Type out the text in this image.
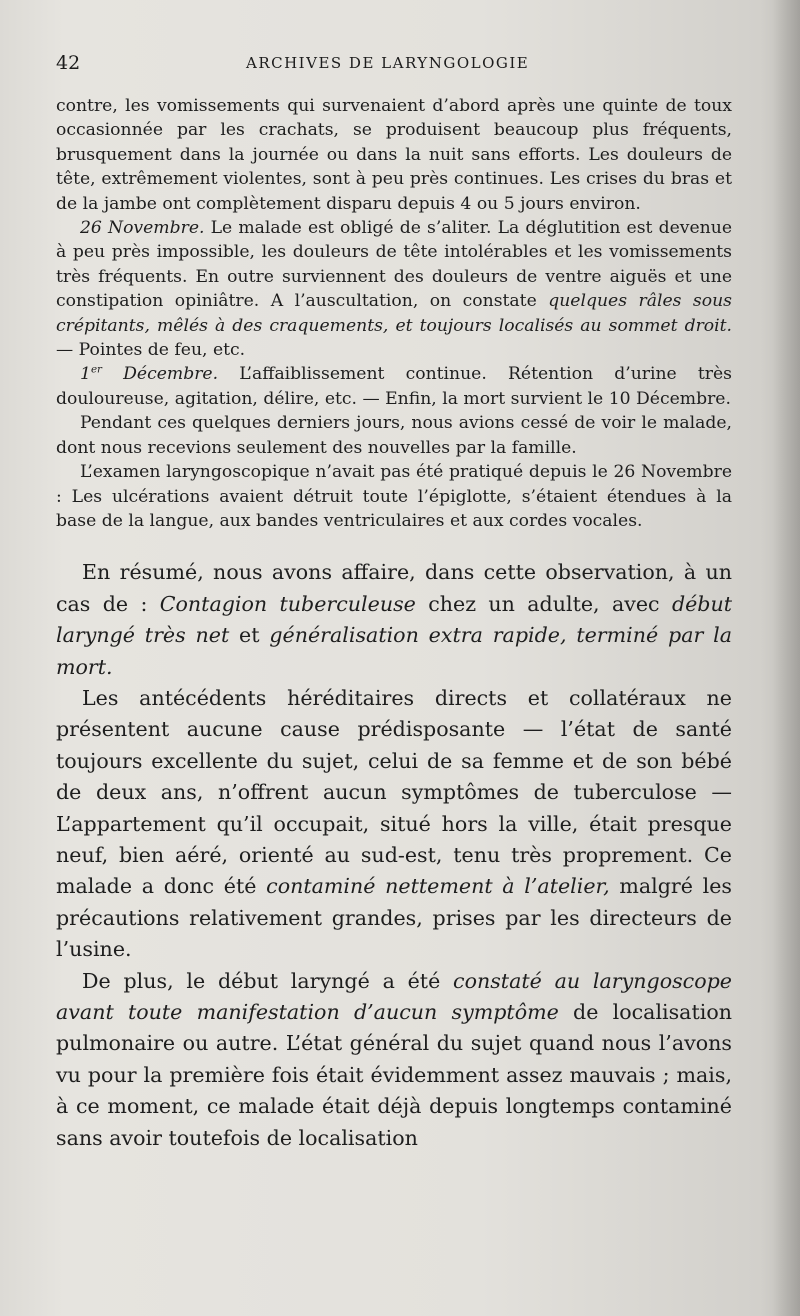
42	ARCHIVES DE LARYNGOLOGIE

contre, les vomissements qui survenaient d’abord après une quinte de toux occasionnée par les crachats, se produisent beaucoup plus fréquents, brusquement dans la journée ou dans la nuit sans efforts. Les douleurs de tête, extrêmement violentes, sont à peu près continues. Les crises du bras et de la jambe ont complètement disparu depuis 4 ou 5 jours environ.

26 Novembre. Le malade est obligé de s’aliter. La déglutition est devenue à peu près impossible, les douleurs de tête intolérables et les vomissements très fréquents. En outre surviennent des douleurs de ventre aiguës et une constipation opiniâtre. A l’auscultation, on constate quelques râles sous crépitants, mêlés à des craquements, et toujours localisés au sommet droit. — Pointes de feu, etc.

1er Décembre. L’affaiblissement continue. Rétention d’urine très douloureuse, agitation, délire, etc. — Enfin, la mort survient le 10 Décembre.

Pendant ces quelques derniers jours, nous avions cessé de voir le malade, dont nous recevions seulement des nouvelles par la famille.

L’examen laryngoscopique n’avait pas été pratiqué depuis le 26 Novembre : Les ulcérations avaient détruit toute l’épiglotte, s’étaient étendues à la base de la langue, aux bandes ventriculaires et aux cordes vocales.

En résumé, nous avons affaire, dans cette observation, à un cas de : Contagion tuberculeuse chez un adulte, avec début laryngé très net et généralisation extra rapide, terminé par la mort.

Les antécédents héréditaires directs et collatéraux ne présentent aucune cause prédisposante — l’état de santé toujours excellente du sujet, celui de sa femme et de son bébé de deux ans, n’offrent aucun symptômes de tuberculose — L’appartement qu’il occupait, situé hors la ville, était presque neuf, bien aéré, orienté au sud-est, tenu très proprement. Ce malade a donc été contaminé nettement à l’atelier, malgré les précautions relativement grandes, prises par les directeurs de l’usine.

De plus, le début laryngé a été constaté au laryngoscope avant toute manifestation d’aucun symptôme de localisation pulmonaire ou autre. L’état général du sujet quand nous l’avons vu pour la première fois était évidemment assez mauvais ; mais, à ce moment, ce malade était déjà depuis longtemps contaminé sans avoir toutefois de localisation
